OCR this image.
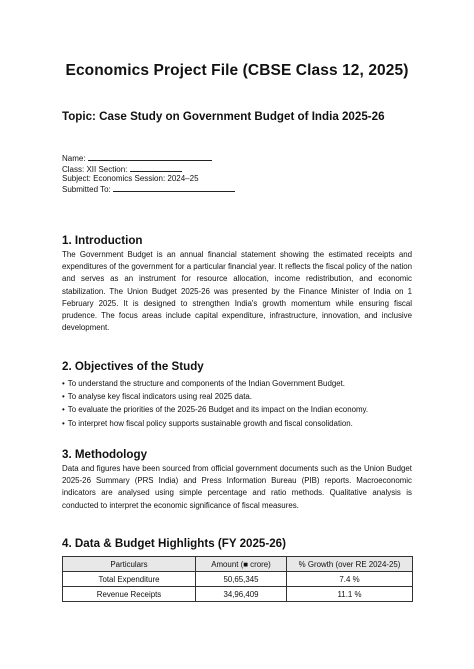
Economics Project File (CBSE Class 12, 2025)
Topic: Case Study on Government Budget of India 2025-26
Name:
Class: XII Section:
Subject: Economics Session: 2024–25
Submitted To:
1. Introduction

The Government Budget is an annual financial statement showing the estimated receipts and expenditures of the government for a particular financial year. It reflects the fiscal policy of the nation and serves as an instrument for resource allocation, income redistribution, and economic stabilization. The Union Budget 2025-26 was presented by the Finance Minister of India on 1 February 2025. It is designed to strengthen India's growth momentum while ensuring fiscal prudence. The focus areas include capital expenditure, infrastructure, innovation, and inclusive development.

2. Objectives of the Study
• To understand the structure and components of the Indian Government Budget.
• To analyse key fiscal indicators using real 2025 data.
• To evaluate the priorities of the 2025-26 Budget and its impact on the Indian economy.
• To interpret how fiscal policy supports sustainable growth and fiscal consolidation.
3. Methodology

Data and figures have been sourced from official government documents such as the Union Budget 2025-26 Summary (PRS India) and Press Information Bureau (PIB) reports. Macroeconomic indicators are analysed using simple percentage and ratio methods. Qualitative analysis is conducted to interpret the economic significance of fiscal measures.

4. Data & Budget Highlights (FY 2025-26)
Particulars	Amount (■ crore)	% Growth (over RE 2024-25)
Total Expenditure	50,65,345	7.4 %
Revenue Receipts	34,96,409	11.1 %
